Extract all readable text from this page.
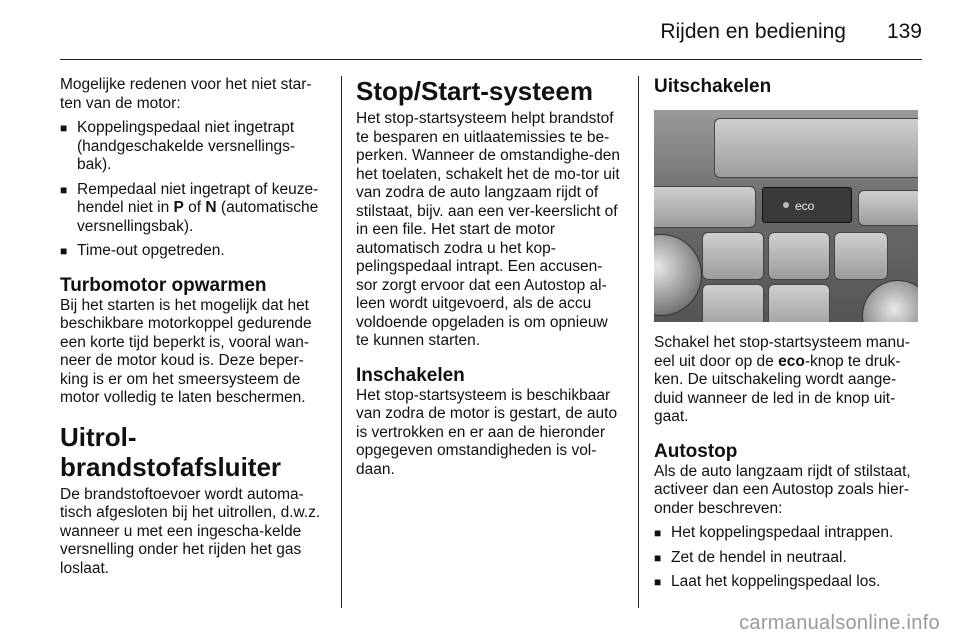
Rijden en bediening 139

Mogelijke redenen voor het niet star-ten van de motor:

■ Koppelingspedaal niet ingetrapt (handgeschakelde versnellings-bak).
■ Rempedaal niet ingetrapt of keuze-hendel niet in P of N (automatische versnellingsbak).
■ Time-out opgetreden.
Turbomotor opwarmen

Bij het starten is het mogelijk dat het beschikbare motorkoppel gedurende een korte tijd beperkt is, vooral wan-neer de motor koud is. Deze beper-king is er om het smeersysteem de motor volledig te laten beschermen.

Uitrol-brandstofafsluiter

De brandstoftoevoer wordt automa-tisch afgesloten bij het uitrollen, d.w.z. wanneer u met een ingescha-kelde versnelling onder het rijden het gas loslaat.

Stop/Start-systeem

Het stop-startsysteem helpt brandstof te besparen en uitlaatemissies te be-perken. Wanneer de omstandighe-den het toelaten, schakelt het de mo-tor uit van zodra de auto langzaam rijdt of stilstaat, bijv. aan een ver-keerslicht of in een file. Het start de motor automatisch zodra u het kop-pelingspedaal intrapt. Een accusen-sor zorgt ervoor dat een Autostop al-leen wordt uitgevoerd, als de accu voldoende opgeladen is om opnieuw te kunnen starten.

Inschakelen

Het stop-startsysteem is beschikbaar van zodra de motor is gestart, de auto is vertrokken en er aan de hieronder opgegeven omstandigheden is vol-daan.

Uitschakelen
eco

Schakel het stop-startsysteem manu-eel uit door op de eco-knop te druk-ken. De uitschakeling wordt aange-duid wanneer de led in de knop uit-gaat.

Autostop

Als de auto langzaam rijdt of stilstaat, activeer dan een Autostop zoals hier-onder beschreven:

■ Het koppelingspedaal intrappen.
■ Zet de hendel in neutraal.
■ Laat het koppelingspedaal los.
carmanualsonline.info
